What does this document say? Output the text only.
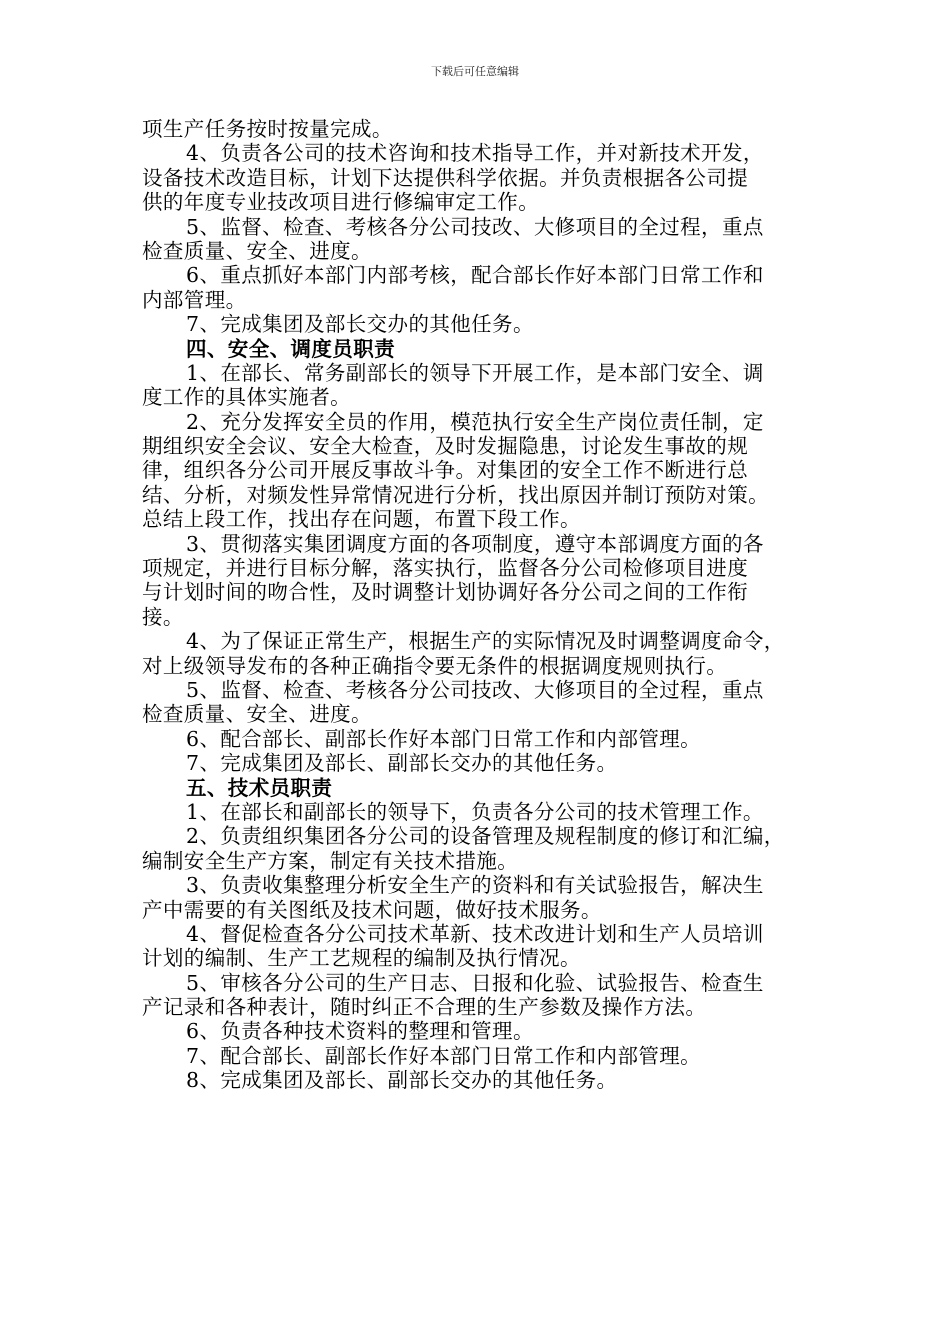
下载后可任意编辑
项生产任务按时按量完成。
4、负责各公司的技术咨询和技术指导工作，并对新技术开发，
设备技术改造目标，计划下达提供科学依据。并负责根据各公司提
供的年度专业技改项目进行修编审定工作。
5、监督、检查、考核各分公司技改、大修项目的全过程，重点
检查质量、安全、进度。
6、重点抓好本部门内部考核，配合部长作好本部门日常工作和
内部管理。
7、完成集团及部长交办的其他任务。
四、安全、调度员职责
1、在部长、常务副部长的领导下开展工作，是本部门安全、调
度工作的具体实施者。
2、充分发挥安全员的作用，模范执行安全生产岗位责任制，定
期组织安全会议、安全大检查，及时发掘隐患，讨论发生事故的规
律，组织各分公司开展反事故斗争。对集团的安全工作不断进行总
结、分析，对频发性异常情况进行分析，找出原因并制订预防对策。
总结上段工作，找出存在问题，布置下段工作。
3、贯彻落实集团调度方面的各项制度，遵守本部调度方面的各
项规定，并进行目标分解，落实执行，监督各分公司检修项目进度
与计划时间的吻合性，及时调整计划协调好各分公司之间的工作衔
接。
4、为了保证正常生产，根据生产的实际情况及时调整调度命令，
对上级领导发布的各种正确指令要无条件的根据调度规则执行。
5、监督、检查、考核各分公司技改、大修项目的全过程，重点
检查质量、安全、进度。
6、配合部长、副部长作好本部门日常工作和内部管理。
7、完成集团及部长、副部长交办的其他任务。
五、技术员职责
1、在部长和副部长的领导下，负责各分公司的技术管理工作。
2、负责组织集团各分公司的设备管理及规程制度的修订和汇编，
编制安全生产方案，制定有关技术措施。
3、负责收集整理分析安全生产的资料和有关试验报告，解决生
产中需要的有关图纸及技术问题，做好技术服务。
4、督促检查各分公司技术革新、技术改进计划和生产人员培训
计划的编制、生产工艺规程的编制及执行情况。
5、审核各分公司的生产日志、日报和化验、试验报告、检查生
产记录和各种表计，随时纠正不合理的生产参数及操作方法。
6、负责各种技术资料的整理和管理。
7、配合部长、副部长作好本部门日常工作和内部管理。
8、完成集团及部长、副部长交办的其他任务。
